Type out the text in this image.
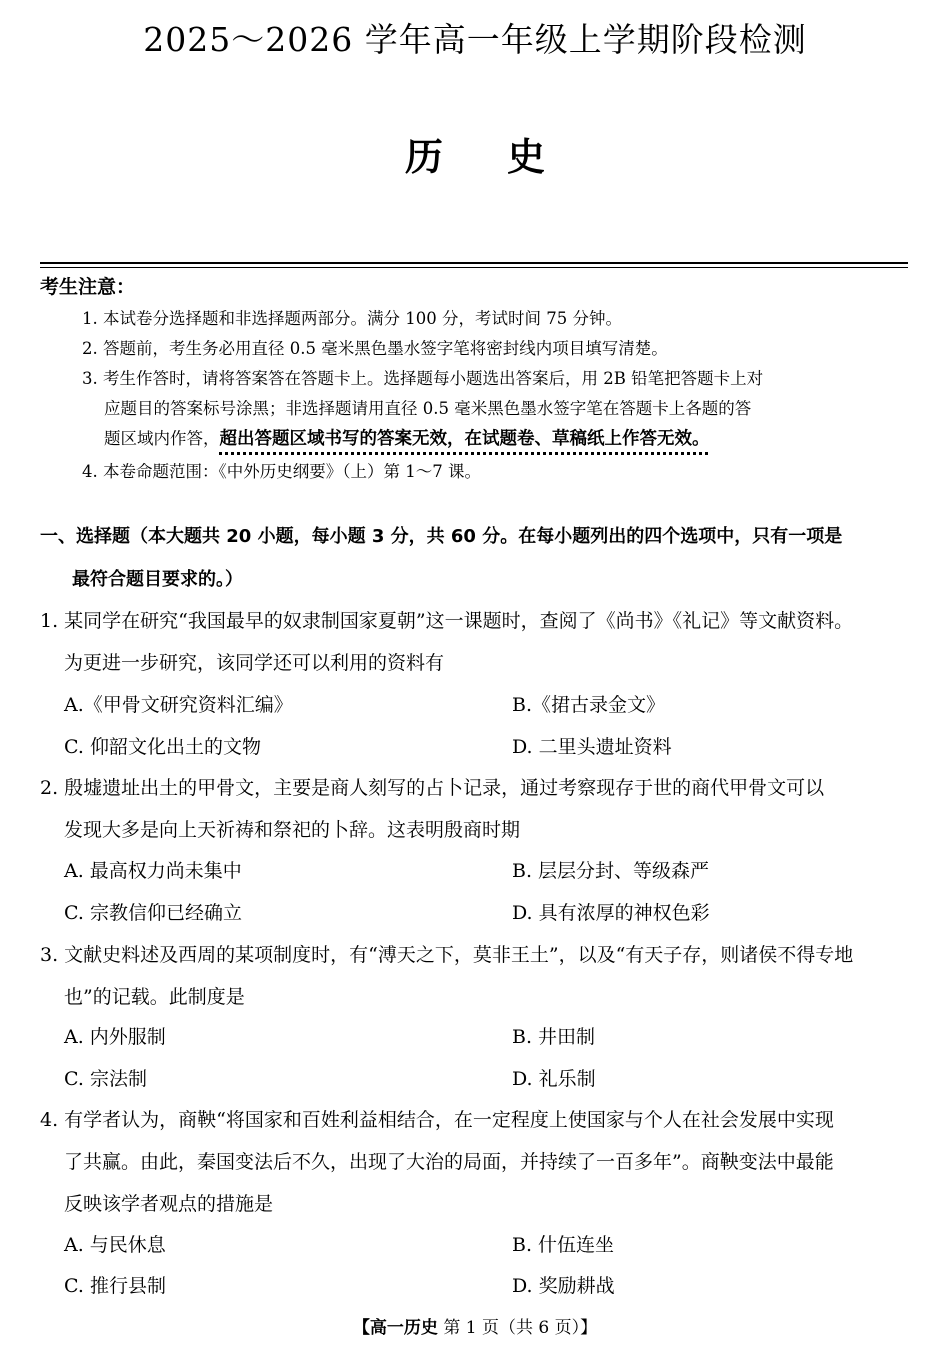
2025～2026 学年高一年级上学期阶段检测
历史
考生注意：
1. 本试卷分选择题和非选择题两部分。满分 100 分，考试时间 75 分钟。
2. 答题前，考生务必用直径 0.5 毫米黑色墨水签字笔将密封线内项目填写清楚。
3. 考生作答时，请将答案答在答题卡上。选择题每小题选出答案后，用 2B 铅笔把答题卡上对
应题目的答案标号涂黑；非选择题请用直径 0.5 毫米黑色墨水签字笔在答题卡上各题的答
题区域内作答，超出答题区域书写的答案无效，在试题卷、草稿纸上作答无效。
4. 本卷命题范围：《中外历史纲要》（上）第 1～7 课。
一、选择题（本大题共 20 小题，每小题 3 分，共 60 分。在每小题列出的四个选项中，只有一项是
最符合题目要求的。）
1. 某同学在研究“我国最早的奴隶制国家夏朝”这一课题时，查阅了《尚书》《礼记》等文献资料。
为更进一步研究，该同学还可以利用的资料有
A.《甲骨文研究资料汇编》	B.《捃古录金文》
C. 仰韶文化出土的文物	D. 二里头遗址资料
2. 殷墟遗址出土的甲骨文，主要是商人刻写的占卜记录，通过考察现存于世的商代甲骨文可以
发现大多是向上天祈祷和祭祀的卜辞。这表明殷商时期
A. 最高权力尚未集中	B. 层层分封、等级森严
C. 宗教信仰已经确立	D. 具有浓厚的神权色彩
3. 文献史料述及西周的某项制度时，有“溥天之下，莫非王土”，以及“有天子存，则诸侯不得专地
也”的记载。此制度是
A. 内外服制	B. 井田制
C. 宗法制	D. 礼乐制
4. 有学者认为，商鞅“将国家和百姓利益相结合，在一定程度上使国家与个人在社会发展中实现
了共赢。由此，秦国变法后不久，出现了大治的局面，并持续了一百多年”。商鞅变法中最能
反映该学者观点的措施是
A. 与民休息	B. 什伍连坐
C. 推行县制	D. 奖励耕战
【高一历史 第 1 页（共 6 页）】
